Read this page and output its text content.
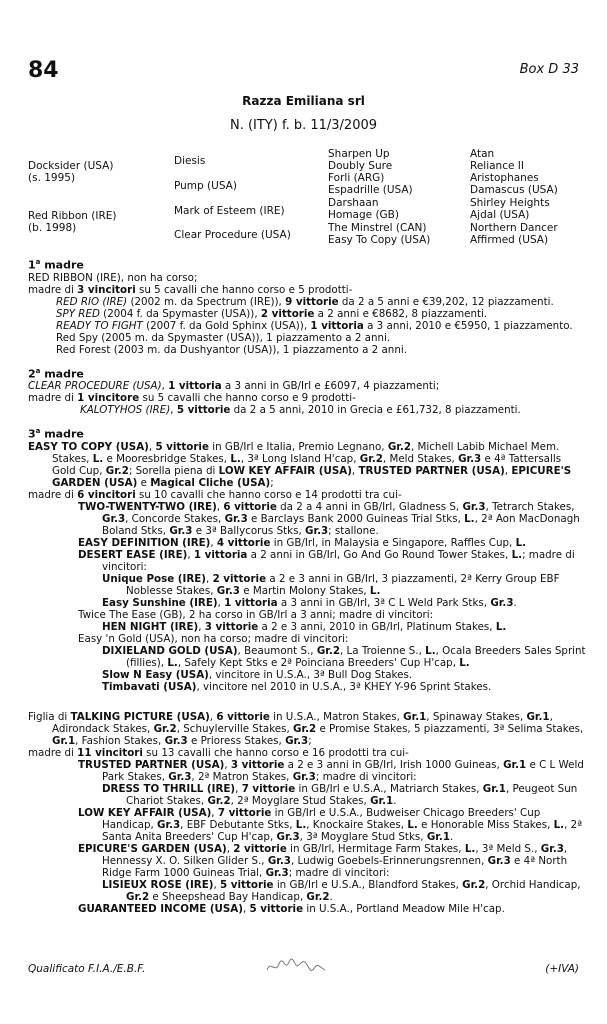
84	Box D 33
Razza Emiliana srl
N. (ITY) f. b. 11/3/2009
Docksider (USA)
(s. 1995)
Red Ribbon (IRE)
(b. 1998)
Diesis
Pump (USA)
Mark of Esteem (IRE)
Clear Procedure (USA)
Sharpen Up
Doubly Sure
Forli (ARG)
Espadrille (USA)
Darshaan
Homage (GB)
The Minstrel (CAN)
Easy To Copy (USA)
Atan
Reliance II
Aristophanes
Damascus (USA)
Shirley Heights
Ajdal (USA)
Northern Dancer
Affirmed (USA)
1$^a$ madre

RED RIBBON (IRE), non ha corso;

madre di 3 vincitori su 5 cavalli che hanno corso e 5 prodotti-

RED RIO (IRE) (2002 m. da Spectrum (IRE)), 9 vittorie da 2 a 5 anni e €39,202, 12 piazzamenti.

SPY RED (2004 f. da Spymaster (USA)), 2 vittorie a 2 anni e €8682, 8 piazzamenti.

READY TO FIGHT (2007 f. da Gold Sphinx (USA)), 1 vittoria a 3 anni, 2010 e €5950, 1 piazzamento.

Red Spy (2005 m. da Spymaster (USA)), 1 piazzamento a 2 anni.

Red Forest (2003 m. da Dushyantor (USA)), 1 piazzamento a 2 anni.

2$^a$ madre

CLEAR PROCEDURE (USA), 1 vittoria a 3 anni in GB/Irl e £6097, 4 piazzamenti;

madre di 1 vincitore su 5 cavalli che hanno corso e 9 prodotti-

KALOTYHOS (IRE), 5 vittorie da 2 a 5 anni, 2010 in Grecia e £61,732, 8 piazzamenti.

3$^a$ madre

EASY TO COPY (USA), 5 vittorie in GB/Irl e Italia, Premio Legnano, Gr.2, Michell Labib Michael Mem. Stakes, L. e Mooresbridge Stakes, L., 3ª Long Island H'cap, Gr.2, Meld Stakes, Gr.3 e 4ª Tattersalls Gold Cup, Gr.2; Sorella piena di LOW KEY AFFAIR (USA), TRUSTED PARTNER (USA), EPICURE'S GARDEN (USA) e Magical Cliche (USA);

madre di 6 vincitori su 10 cavalli che hanno corso e 14 prodotti tra cui-

TWO-TWENTY-TWO (IRE), 6 vittorie da 2 a 4 anni in GB/Irl, Gladness S, Gr.3, Tetrarch Stakes, Gr.3, Concorde Stakes, Gr.3 e Barclays Bank 2000 Guineas Trial Stks, L., 2ª Aon MacDonagh Boland Stks, Gr.3 e 3ª Ballycorus Stks, Gr.3; stallone.

EASY DEFINITION (IRE), 4 vittorie in GB/Irl, in Malaysia e Singapore, Raffles Cup, L.

DESERT EASE (IRE), 1 vittoria a 2 anni in GB/Irl, Go And Go Round Tower Stakes, L.; madre di vincitori:

Unique Pose (IRE), 2 vittorie a 2 e 3 anni in GB/Irl, 3 piazzamenti, 2ª Kerry Group EBF Noblesse Stakes, Gr.3 e Martin Molony Stakes, L.

Easy Sunshine (IRE), 1 vittoria a 3 anni in GB/Irl, 3ª C L Weld Park Stks, Gr.3.

Twice The Ease (GB), 2 ha corso in GB/Irl a 3 anni; madre di vincitori:

HEN NIGHT (IRE), 3 vittorie a 2 e 3 anni, 2010 in GB/Irl, Platinum Stakes, L.

Easy 'n Gold (USA), non ha corso; madre di vincitori:

DIXIELAND GOLD (USA), Beaumont S., Gr.2, La Troienne S., L., Ocala Breeders Sales Sprint (fillies), L., Safely Kept Stks e 2ª Poinciana Breeders' Cup H'cap, L.

Slow N Easy (USA), vincitore in U.S.A., 3ª Bull Dog Stakes.

Timbavati (USA), vincitore nel 2010 in U.S.A., 3ª KHEY Y-96 Sprint Stakes.

Figlia di TALKING PICTURE (USA), 6 vittorie in U.S.A., Matron Stakes, Gr.1, Spinaway Stakes, Gr.1, Adirondack Stakes, Gr.2, Schuylerville Stakes, Gr.2 e Promise Stakes, 5 piazzamenti, 3ª Selima Stakes, Gr.1, Fashion Stakes, Gr.3 e Prioress Stakes, Gr.3;

madre di 11 vincitori su 13 cavalli che hanno corso e 16 prodotti tra cui-

TRUSTED PARTNER (USA), 3 vittorie a 2 e 3 anni in GB/Irl, Irish 1000 Guineas, Gr.1 e C L Weld Park Stakes, Gr.3, 2ª Matron Stakes, Gr.3; madre di vincitori:

DRESS TO THRILL (IRE), 7 vittorie in GB/Irl e U.S.A., Matriarch Stakes, Gr.1, Peugeot Sun Chariot Stakes, Gr.2, 2ª Moyglare Stud Stakes, Gr.1.

LOW KEY AFFAIR (USA), 7 vittorie in GB/Irl e U.S.A., Budweiser Chicago Breeders' Cup Handicap, Gr.3, EBF Debutante Stks, L., Knockaire Stakes, L. e Honorable Miss Stakes, L., 2ª Santa Anita Breeders' Cup H'cap, Gr.3, 3ª Moyglare Stud Stks, Gr.1.

EPICURE'S GARDEN (USA), 2 vittorie in GB/Irl, Hermitage Farm Stakes, L., 3ª Meld S., Gr.3, Hennessy X. O. Silken Glider S., Gr.3, Ludwig Goebels-Erinnerungsrennen, Gr.3 e 4ª North Ridge Farm 1000 Guineas Trial, Gr.3; madre di vincitori:

LISIEUX ROSE (IRE), 5 vittorie in GB/Irl e U.S.A., Blandford Stakes, Gr.2, Orchid Handicap, Gr.2 e Sheepshead Bay Handicap, Gr.2.

GUARANTEED INCOME (USA), 5 vittorie in U.S.A., Portland Meadow Mile H'cap.

Qualificato F.I.A./E.B.F.	(+IVA)
